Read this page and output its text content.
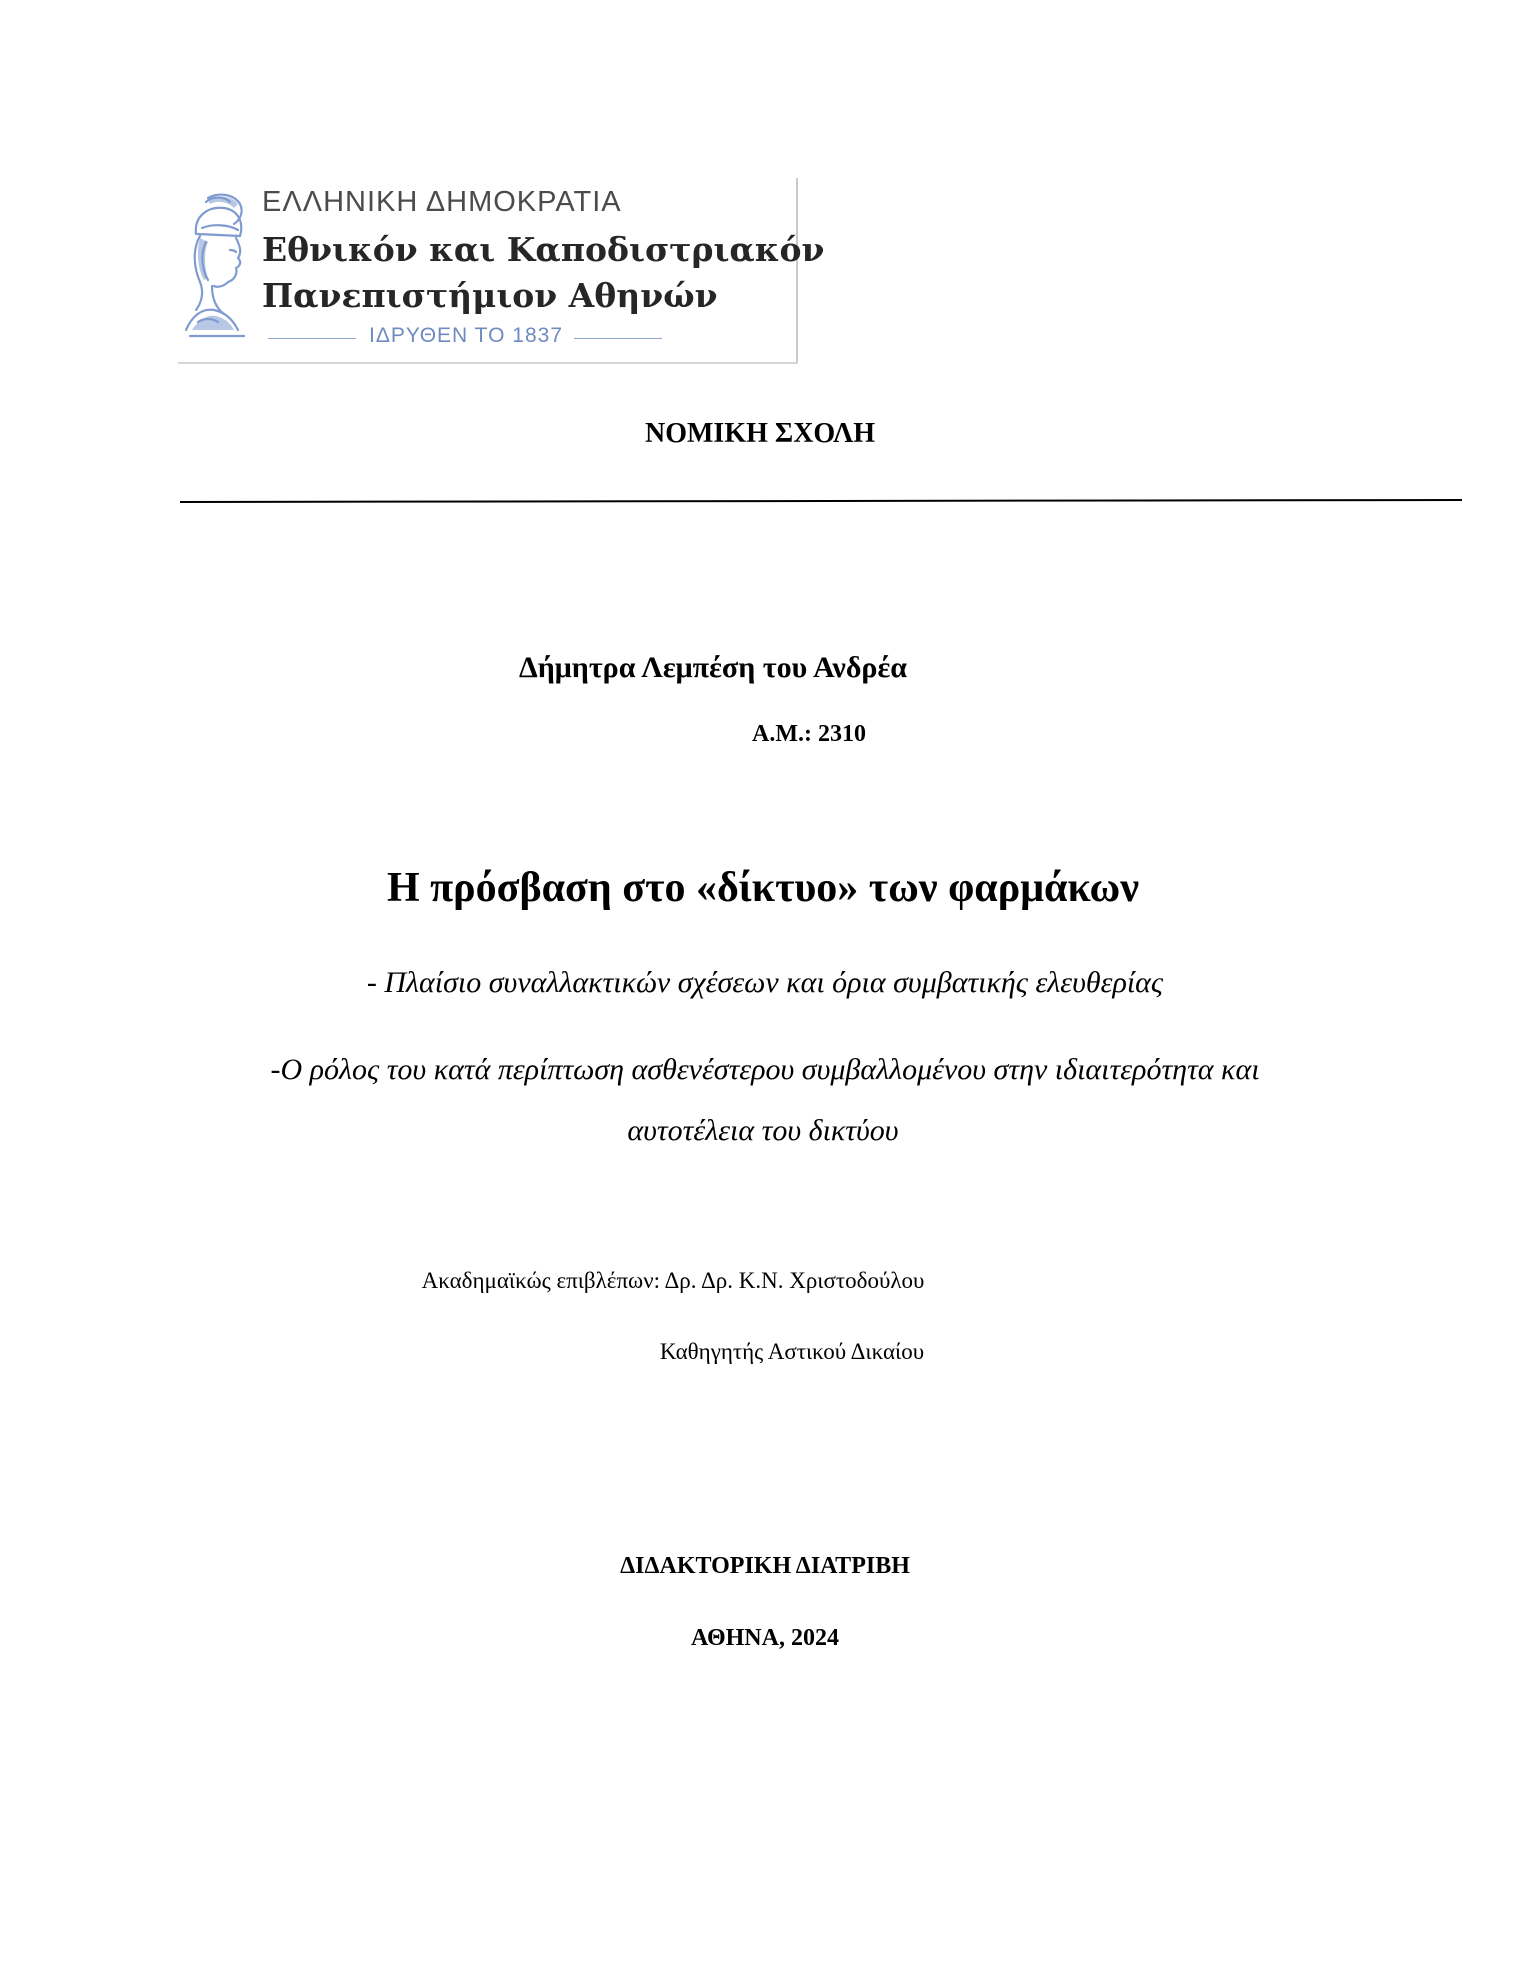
ΕΛΛΗΝΙΚΗ ΔΗΜΟΚΡΑΤΙΑ
Εθνικόν και Καποδιστριακόν
Πανεπιστήμιον Αθηνών
ΙΔΡΥΘΕΝ ΤΟ 1837
ΝΟΜΙΚΗ ΣΧΟΛΗ
Δήμητρα Λεμπέση του Ανδρέα
Α.Μ.: 2310
Η πρόσβαση στο «δίκτυο» των φαρμάκων
- Πλαίσιο συναλλακτικών σχέσεων και όρια συμβατικής ελευθερίας
-Ο ρόλος του κατά περίπτωση ασθενέστερου συμβαλλομένου στην ιδιαιτερότητα και
αυτοτέλεια του δικτύου
Ακαδημαϊκώς επιβλέπων: Δρ. Δρ. Κ.Ν. Χριστοδούλου
Καθηγητής Αστικού Δικαίου
ΔΙΔΑΚΤΟΡΙΚΗ ΔΙΑΤΡΙΒΗ
ΑΘΗΝΑ, 2024
